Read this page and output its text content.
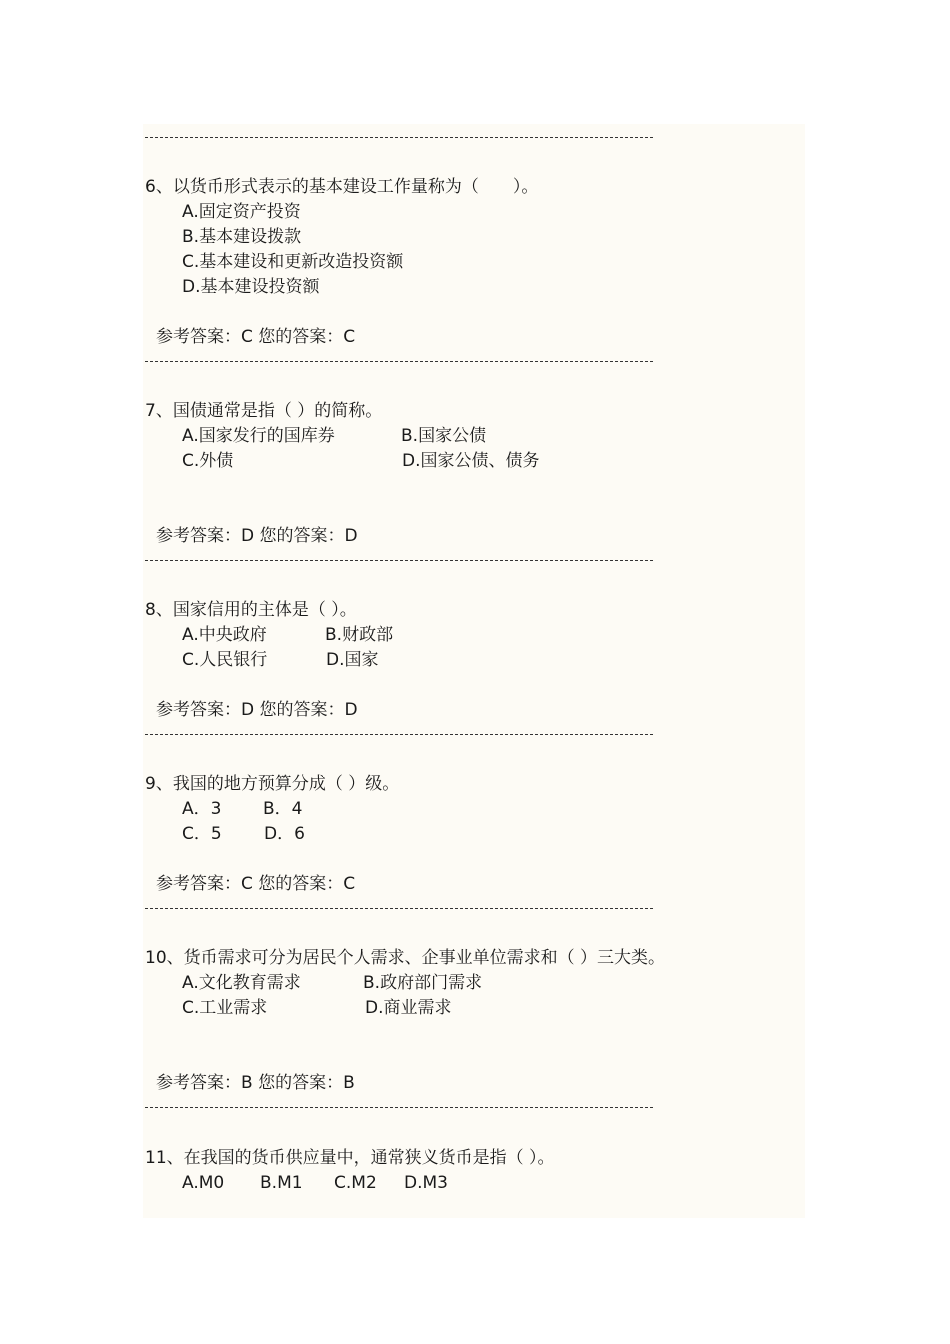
6、以货币形式表示的基本建设工作量称为（　　）。
A.固定资产投资
B.基本建设拨款
C.基本建设和更新改造投资额
D.基本建设投资额
参考答案：C 您的答案：C
7、国债通常是指（ ）的简称。
A.国家发行的国库券	B.国家公债
C.外债	D.国家公债、债务
参考答案：D 您的答案：D
8、国家信用的主体是（ ）。
A.中央政府	B.财政部
C.人民银行	D.国家
参考答案：D 您的答案：D
9、我国的地方预算分成（ ）级。
A．3 B．4
C．5 D．6
参考答案：C 您的答案：C
10、货币需求可分为居民个人需求、企事业单位需求和（ ）三大类。
A.文化教育需求	B.政府部门需求
C.工业需求	D.商业需求
参考答案：B 您的答案：B
11、在我国的货币供应量中，通常狭义货币是指（ ）。
A.M0 B.M1 C.M2 D.M3
